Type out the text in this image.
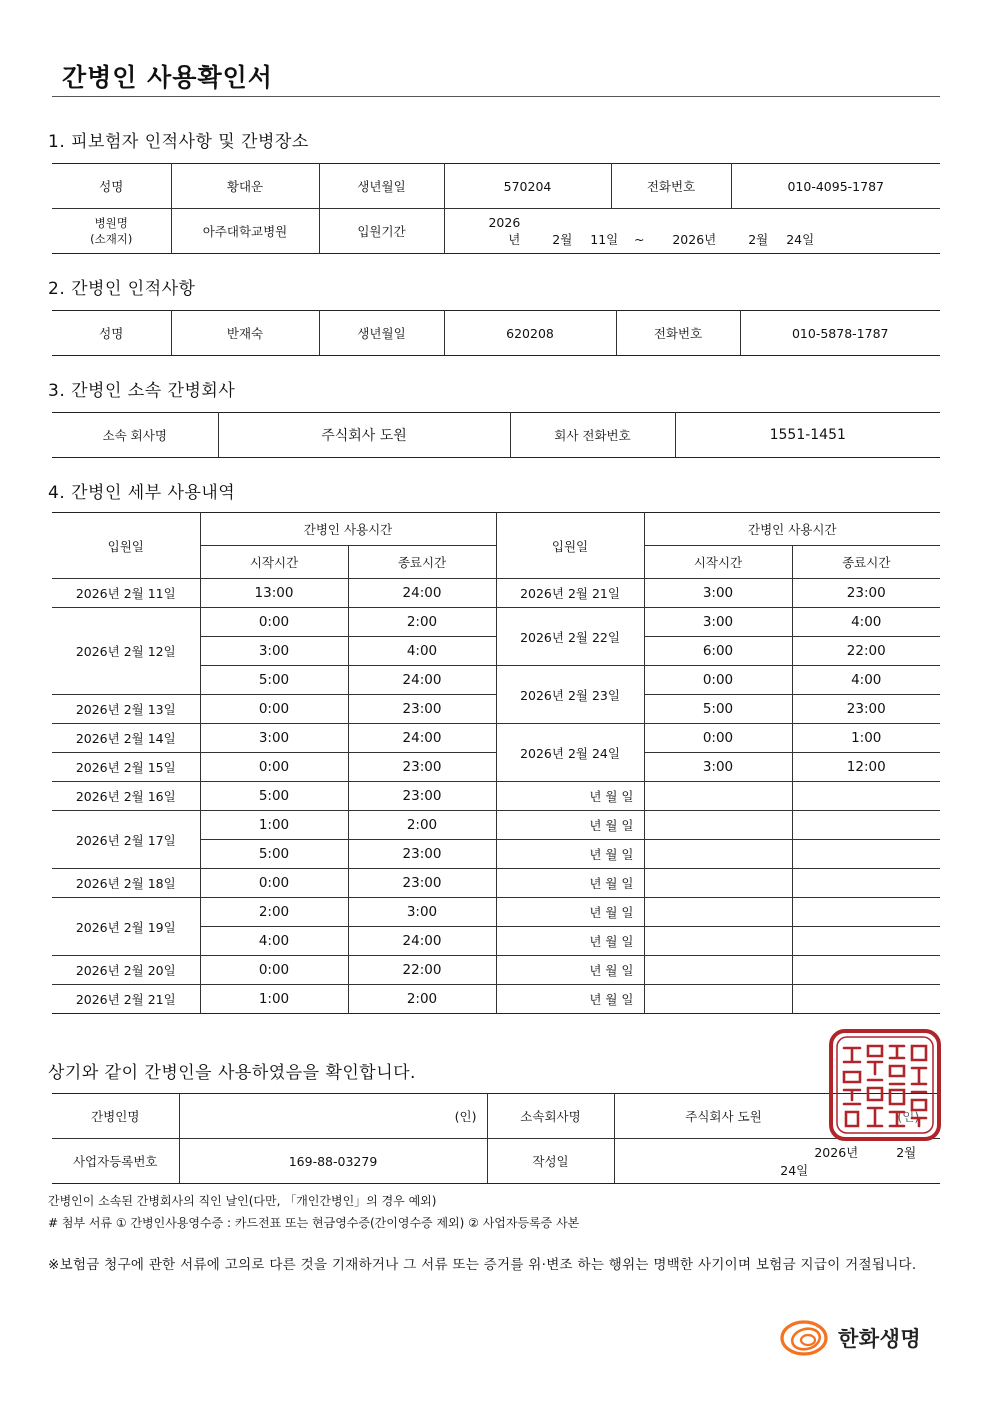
간병인 사용확인서
1. 피보험자 인적사항 및 간병장소
성명	황대운	생년월일	570204	전화번호	010-4095-1787

병원명
(소재지)	아주대학교병원	입원기간	2026년 2월 11일 ~ 2026년 2월 24일		
2. 간병인 인적사항
성명	반재숙	생년월일	620208	전화번호	010-5878-1787
3. 간병인 소속 간병회사
소속 회사명	주식회사 도원	회사 전화번호	1551-1451
4. 간병인 세부 사용내역
입원일	간병인 사용시간		입원일	간병인 사용시간	
	시작시간	종료시간		시작시간	종료시간
2026년 2월 11일	13:00	24:00	2026년 2월 21일	3:00	23:00
2026년 2월 12일	0:00	2:00	2026년 2월 22일	3:00	4:00
	3:00	4:00		6:00	22:00
	5:00	24:00	2026년 2월 23일	0:00	4:00
2026년 2월 13일	0:00	23:00		5:00	23:00
2026년 2월 14일	3:00	24:00	2026년 2월 24일	0:00	1:00
2026년 2월 15일	0:00	23:00		3:00	12:00
2026년 2월 16일	5:00	23:00	년 월 일		
2026년 2월 17일	1:00	2:00	년 월 일		
	5:00	23:00	년 월 일		
2026년 2월 18일	0:00	23:00	년 월 일		
2026년 2월 19일	2:00	3:00	년 월 일		
	4:00	24:00	년 월 일		
2026년 2월 20일	0:00	22:00	년 월 일		
2026년 2월 21일	1:00	2:00	년 월 일		
상기와 같이 간병인을 사용하였음을 확인합니다.
간병인명	(인)	소속회사명	주식회사 도원 (인)
사업자등록번호	169-88-03279	작성일	2026년 2월 24일
간병인이 소속된 간병회사의 직인 날인(다만, 「개인간병인」의 경우 예외)
# 첨부 서류 ① 간병인사용영수증 : 카드전표 또는 현금영수증(간이영수증 제외) ② 사업자등록증 사본
※보험금 청구에 관한 서류에 고의로 다른 것을 기재하거나 그 서류 또는 증거를 위·변조 하는 행위는 명백한 사기이며 보험금 지급이 거절됩니다.
한화생명
